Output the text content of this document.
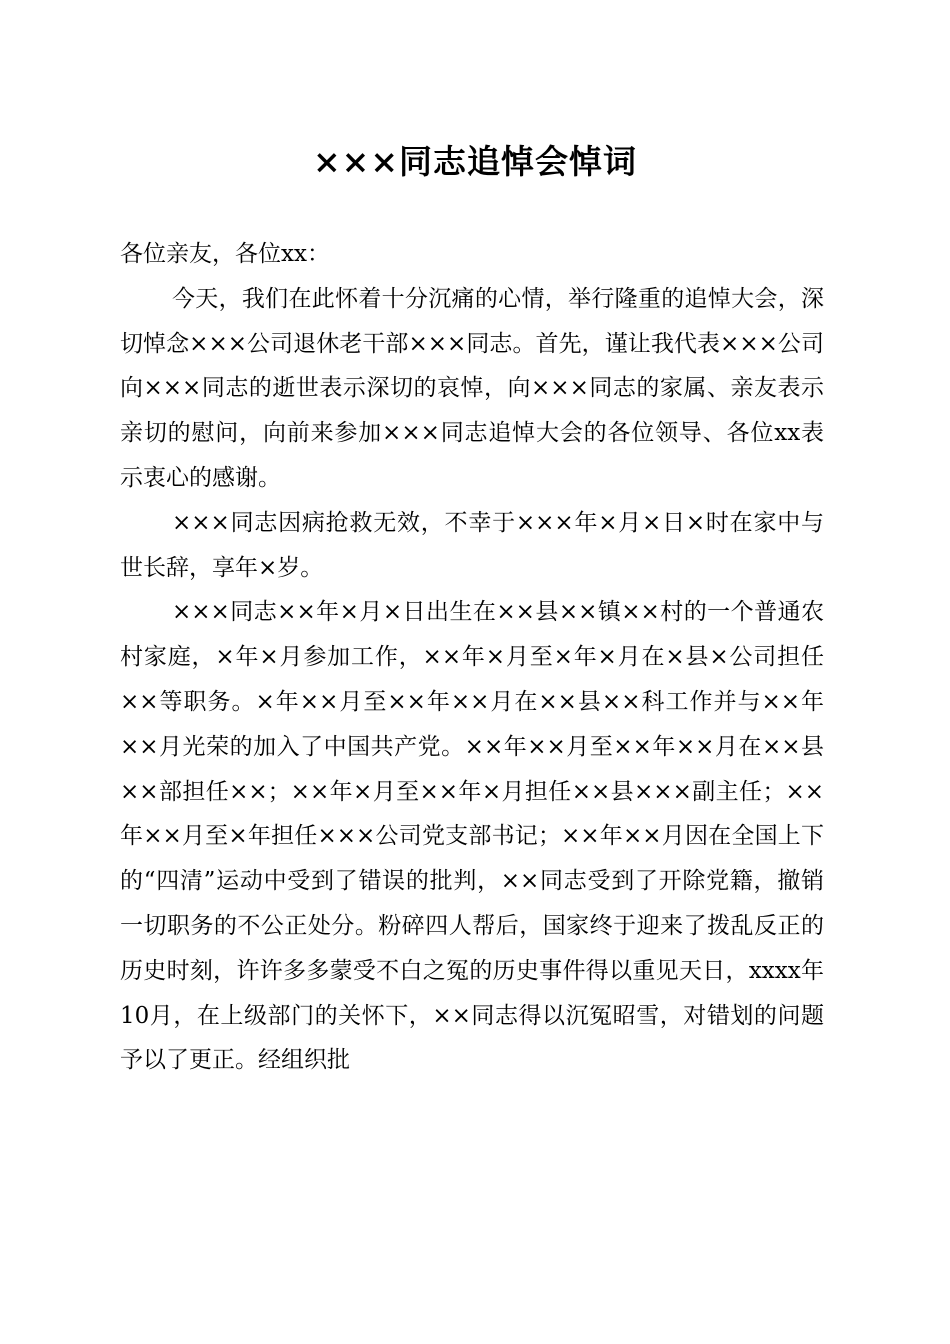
×××同志追悼会悼词

各位亲友，各位xx：

今天，我们在此怀着十分沉痛的心情，举行隆重的追悼大会，深切悼念×××公司退休老干部×××同志。首先，谨让我代表×××公司向×××同志的逝世表示深切的哀悼，向×××同志的家属、亲友表示亲切的慰问，向前来参加×××同志追悼大会的各位领导、各位xx表示衷心的感谢。

×××同志因病抢救无效，不幸于×××年×月×日×时在家中与世长辞，享年×岁。

×××同志××年×月×日出生在××县××镇××村的一个普通农村家庭，×年×月参加工作，××年×月至×年×月在×县×公司担任××等职务。×年××月至××年××月在××县××科工作并与××年××月光荣的加入了中国共产党。××年××月至××年××月在××县××部担任××；××年×月至××年×月担任××县×××副主任；××年××月至×年担任×××公司党支部书记；××年××月因在全国上下的“四清”运动中受到了错误的批判，××同志受到了开除党籍，撤销一切职务的不公正处分。粉碎四人帮后，国家终于迎来了拨乱反正的历史时刻，许许多多蒙受不白之冤的历史事件得以重见天日，xxxx年10月，在上级部门的关怀下，××同志得以沉冤昭雪，对错划的问题予以了更正。经组织批
